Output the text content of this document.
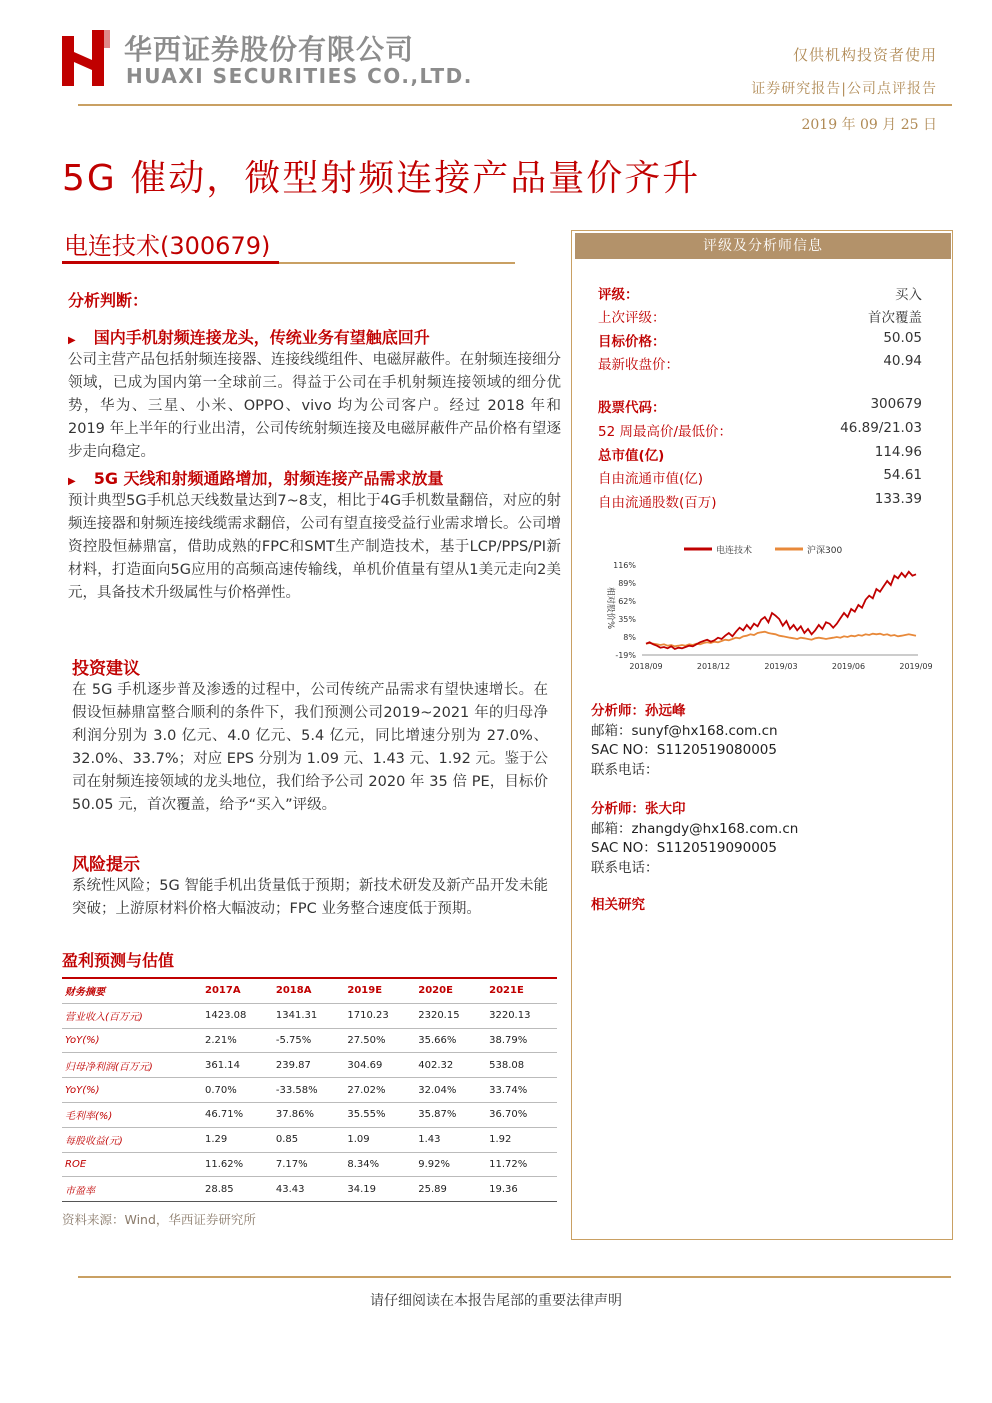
华西证券股份有限公司
HUAXI SECURITIES CO.,LTD.
仅供机构投资者使用
证券研究报告|公司点评报告
2019 年 09 月 25 日
5G 催动，微型射频连接产品量价齐升
电连技术(300679)
分析判断：
▶ 国内手机射频连接龙头，传统业务有望触底回升
公司主营产品包括射频连接器、连接线缆组件、电磁屏蔽件。在射频连接细分领域，已成为国内第一全球前三。得益于公司在手机射频连接领域的细分优势，华为、三星、小米、OPPO、vivo 均为公司客户。经过 2018 年和 2019 年上半年的行业出清，公司传统射频连接及电磁屏蔽件产品价格有望逐步走向稳定。
▶ 5G 天线和射频通路增加，射频连接产品需求放量
预计典型5G手机总天线数量达到7~8支，相比于4G手机数量翻倍，对应的射频连接器和射频连接线缆需求翻倍，公司有望直接受益行业需求增长。公司增资控股恒赫鼎富，借助成熟的FPC和SMT生产制造技术，基于LCP/PPS/PI新材料，打造面向5G应用的高频高速传输线，单机价值量有望从1美元走向2美元，具备技术升级属性与价格弹性。
投资建议
在 5G 手机逐步普及渗透的过程中，公司传统产品需求有望快速增长。在假设恒赫鼎富整合顺利的条件下，我们预测公司2019~2021 年的归母净利润分别为 3.0 亿元、4.0 亿元、5.4 亿元，同比增速分别为 27.0%、32.0%、33.7%；对应 EPS 分别为 1.09 元、1.43 元、1.92 元。鉴于公司在射频连接领域的龙头地位，我们给予公司 2020 年 35 倍 PE，目标价 50.05 元，首次覆盖，给予“买入”评级。
风险提示
系统性风险；5G 智能手机出货量低于预期；新技术研发及新产品开发未能突破；上游原材料价格大幅波动；FPC 业务整合速度低于预期。
盈利预测与估值
财务摘要	2017A	2018A	2019E	2020E	2021E
营业收入(百万元)	1423.08	1341.31	1710.23	2320.15	3220.13
YoY(%)	2.21%	-5.75%	27.50%	35.66%	38.79%
归母净利润(百万元)	361.14	239.87	304.69	402.32	538.08
YoY(%)	0.70%	-33.58%	27.02%	32.04%	33.74%
毛利率(%)	46.71%	37.86%	35.55%	35.87%	36.70%
每股收益(元)	1.29	0.85	1.09	1.43	1.92
ROE	11.62%	7.17%	8.34%	9.92%	11.72%
市盈率	28.85	43.43	34.19	25.89	19.36
资料来源：Wind，华西证券研究所
评级及分析师信息
评级：	买入
上次评级：	首次覆盖
目标价格：	50.05
最新收盘价：	40.94
股票代码：	300679
52 周最高价/最低价：	46.89/21.03
总市值(亿)	114.96
自由流通市值(亿)	54.61
自由流通股数(百万)	133.39
电连技术	沪深300
相对股价%
116%
89%
62%
35%
8%
-19%
2018/09	2018/12	2019/03	2019/06	2019/09
分析师：孙远峰
邮箱：sunyf@hx168.com.cn
SAC NO：S1120519080005
联系电话：
分析师：张大印
邮箱：zhangdy@hx168.com.cn
SAC NO：S1120519090005
联系电话：
相关研究
请仔细阅读在本报告尾部的重要法律声明
